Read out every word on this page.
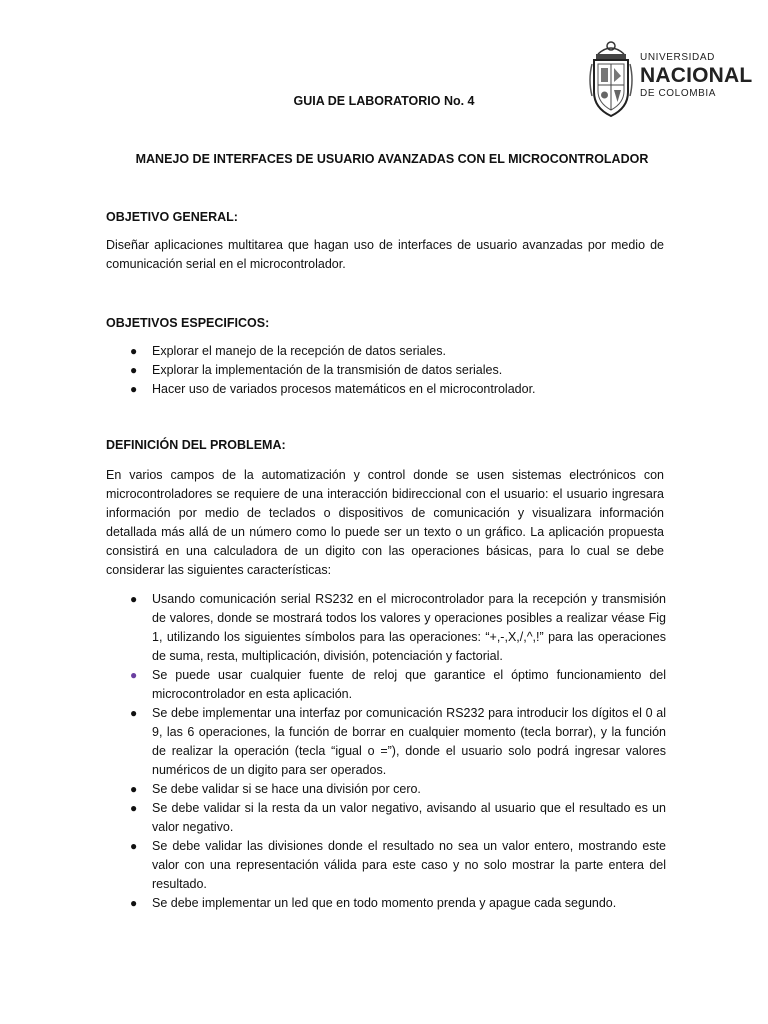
UNIVERSIDAD
NACIONAL
DE COLOMBIA
GUIA DE LABORATORIO No. 4
MANEJO DE INTERFACES DE USUARIO AVANZADAS CON EL MICROCONTROLADOR
OBJETIVO GENERAL:
Diseñar aplicaciones multitarea que hagan uso de interfaces de usuario avanzadas por medio de comunicación serial en el microcontrolador.
OBJETIVOS ESPECIFICOS:
● Explorar el manejo de la recepción de datos seriales.
● Explorar la implementación de la transmisión de datos seriales.
● Hacer uso de variados procesos matemáticos en el microcontrolador.
DEFINICIÓN DEL PROBLEMA:
En varios campos de la automatización y control donde se usen sistemas electrónicos con microcontroladores se requiere de una interacción bidireccional con el usuario: el usuario ingresara información por medio de teclados o dispositivos de comunicación y visualizara información detallada más allá de un número como lo puede ser un texto o un gráfico. La aplicación propuesta consistirá en una calculadora de un digito con las operaciones básicas, para lo cual se debe considerar las siguientes características:
● Usando comunicación serial RS232 en el microcontrolador para la recepción y transmisión de valores, donde se mostrará todos los valores y operaciones posibles a realizar véase Fig 1, utilizando los siguientes símbolos para las operaciones: “+,-,X,/,^,!” para las operaciones de suma, resta, multiplicación, división, potenciación y factorial.
● Se puede usar cualquier fuente de reloj que garantice el óptimo funcionamiento del microcontrolador en esta aplicación.
● Se debe implementar una interfaz por comunicación RS232 para introducir los dígitos el 0 al 9, las 6 operaciones, la función de borrar en cualquier momento (tecla borrar), y la función de realizar la operación (tecla “igual o =”), donde el usuario solo podrá ingresar valores numéricos de un digito para ser operados.
● Se debe validar si se hace una división por cero.
● Se debe validar si la resta da un valor negativo, avisando al usuario que el resultado es un valor negativo.
● Se debe validar las divisiones donde el resultado no sea un valor entero, mostrando este valor con una representación válida para este caso y no solo mostrar la parte entera del resultado.
● Se debe implementar un led que en todo momento prenda y apague cada segundo.
